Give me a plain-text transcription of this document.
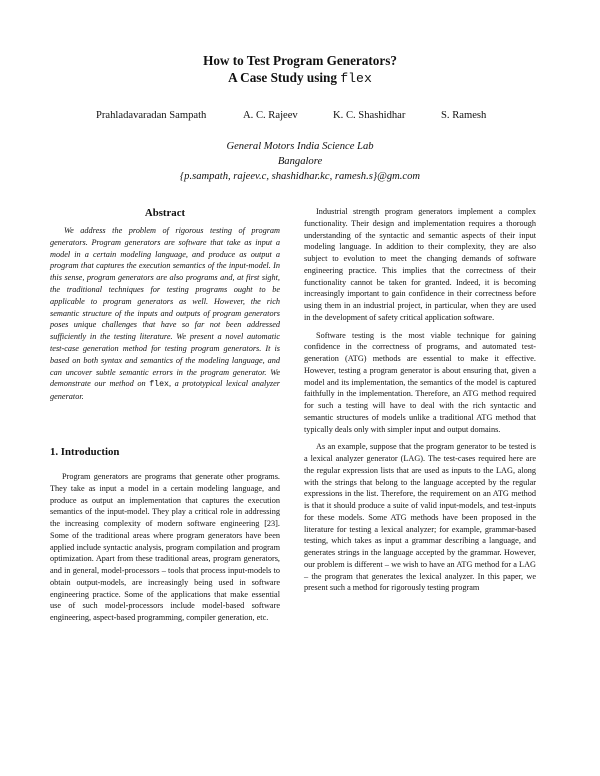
How to Test Program Generators?
A Case Study using flex
Prahladavaradan Sampath	A. C. Rajeev	K. C. Shashidhar	S. Ramesh
General Motors India Science Lab
Bangalore
{p.sampath, rajeev.c, shashidhar.kc, ramesh.s}@gm.com
Abstract
We address the problem of rigorous testing of program generators. Program generators are software that take as input a model in a certain modeling language, and produce as output a program that captures the execution semantics of the input-model. In this sense, program generators are also programs and, at first sight, the traditional techniques for testing programs ought to be applicable to program generators as well. However, the rich semantic structure of the inputs and outputs of program generators poses unique challenges that have so far not been addressed sufficiently in the testing literature. We present a novel automatic test-case generation method for testing program generators. It is based on both syntax and semantics of the modeling language, and can uncover subtle semantic errors in the program generator. We demonstrate our method on flex, a prototypical lexical analyzer generator.
1. Introduction

Program generators are programs that generate other programs. They take as input a model in a certain modeling language, and produce as output an implementation that captures the execution semantics of the input-model. They play a critical role in addressing the increasing complexity of modern software engineering [23]. Some of the traditional areas where program generators have been applied include syntactic analysis, program compilation and program optimization. Apart from these traditional areas, program generators, and in general, model-processors – tools that process input-models to obtain output-models, are increasingly being used in software engineering practice. Some of the applications that make essential use of such model-processors include model-based software engineering, aspect-based programming, compiler generation, etc.

Industrial strength program generators implement a complex functionality. Their design and implementation requires a thorough understanding of the syntactic and semantic aspects of their input modeling language. In addition to their complexity, they are also subject to evolution to meet the changing demands of software engineering practice. This implies that the correctness of their functionality cannot be taken for granted. Indeed, it is becoming increasingly important to gain confidence in their correctness before using them in an industrial project, in particular, when they are used in the development of safety critical application software.

Software testing is the most viable technique for gaining confidence in the correctness of programs, and automated test-generation (ATG) methods are essential to make it effective. However, testing a program generator is about ensuring that, given a model and its implementation, the semantics of the model is captured faithfully in the implementation. Therefore, an ATG method required for such a testing will have to deal with the rich syntactic and semantic structures of models unlike a traditional ATG method that typically deals only with simpler input and output domains.

As an example, suppose that the program generator to be tested is a lexical analyzer generator (LAG). The test-cases required here are the regular expression lists that are used as inputs to the LAG, along with the strings that belong to the language accepted by the regular expressions in the list. Therefore, the requirement on an ATG method is that it should produce a suite of valid input-models, and test-inputs for these models. Some ATG methods have been proposed in the literature for testing a lexical analyzer; for example, grammar-based testing, which takes as input a grammar describing a language, and generates strings in the language accepted by the grammar. However, our problem is different – we wish to have an ATG method for a LAG – the program that generates the lexical analyzer. In this paper, we present such a method for rigorously testing program
